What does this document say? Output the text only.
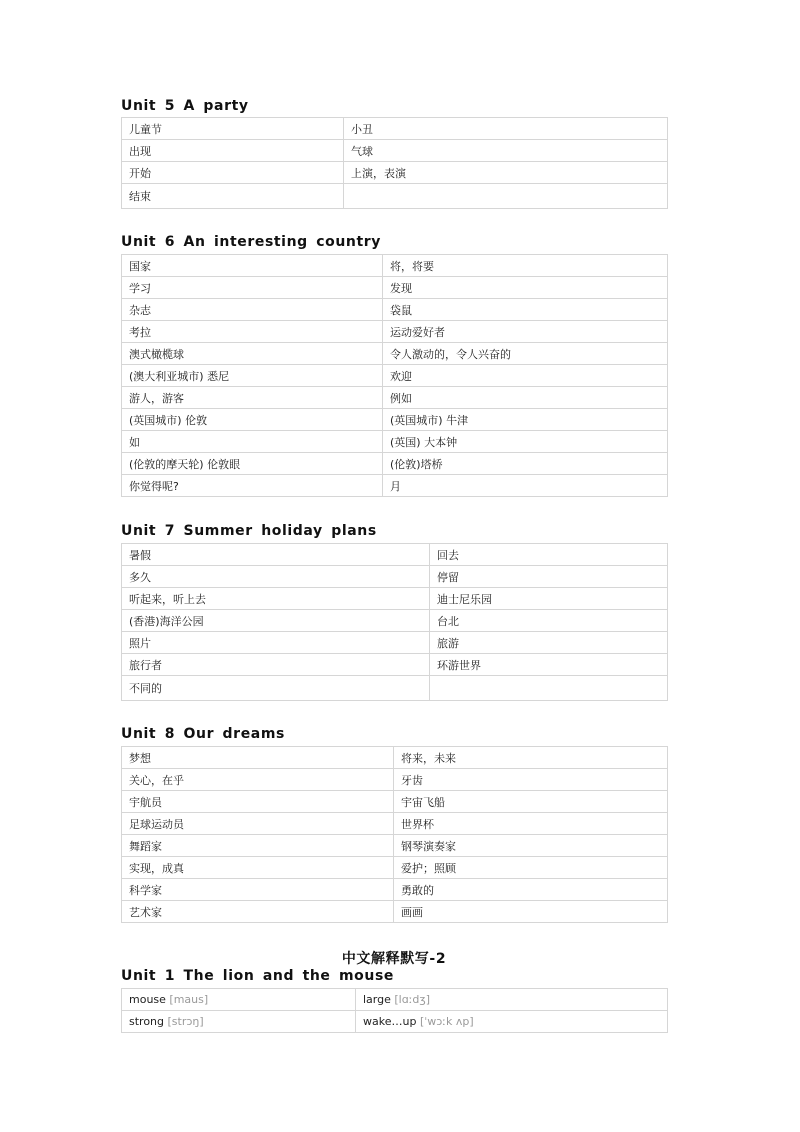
Unit 5 A party
儿童节	小丑
出现	气球
开始	上演，表演
结束	
Unit 6 An interesting country
国家	将，将要
学习	发现
杂志	袋鼠
考拉	运动爱好者
澳式橄榄球	令人激动的，令人兴奋的
(澳大利亚城市) 悉尼	欢迎
游人，游客	例如
(英国城市) 伦敦	(英国城市) 牛津
如	(英国) 大本钟
(伦敦的摩天轮) 伦敦眼	(伦敦)塔桥
你觉得呢?	月
Unit 7 Summer holiday plans
暑假	回去
多久	停留
听起来，听上去	迪士尼乐园
(香港)海洋公园	台北
照片	旅游
旅行者	环游世界
不同的	
Unit 8 Our dreams
梦想	将来，未来
关心，在乎	牙齿
宇航员	宇宙飞船
足球运动员	世界杯
舞蹈家	钢琴演奏家
实现，成真	爱护；照顾
科学家	勇敢的
艺术家	画画
中文解释默写-2
Unit 1 The lion and the mouse
mouse [maus]	large [lɑːdʒ]
strong [strɔŋ]	wake…up [ˈwɔːk ʌp]
